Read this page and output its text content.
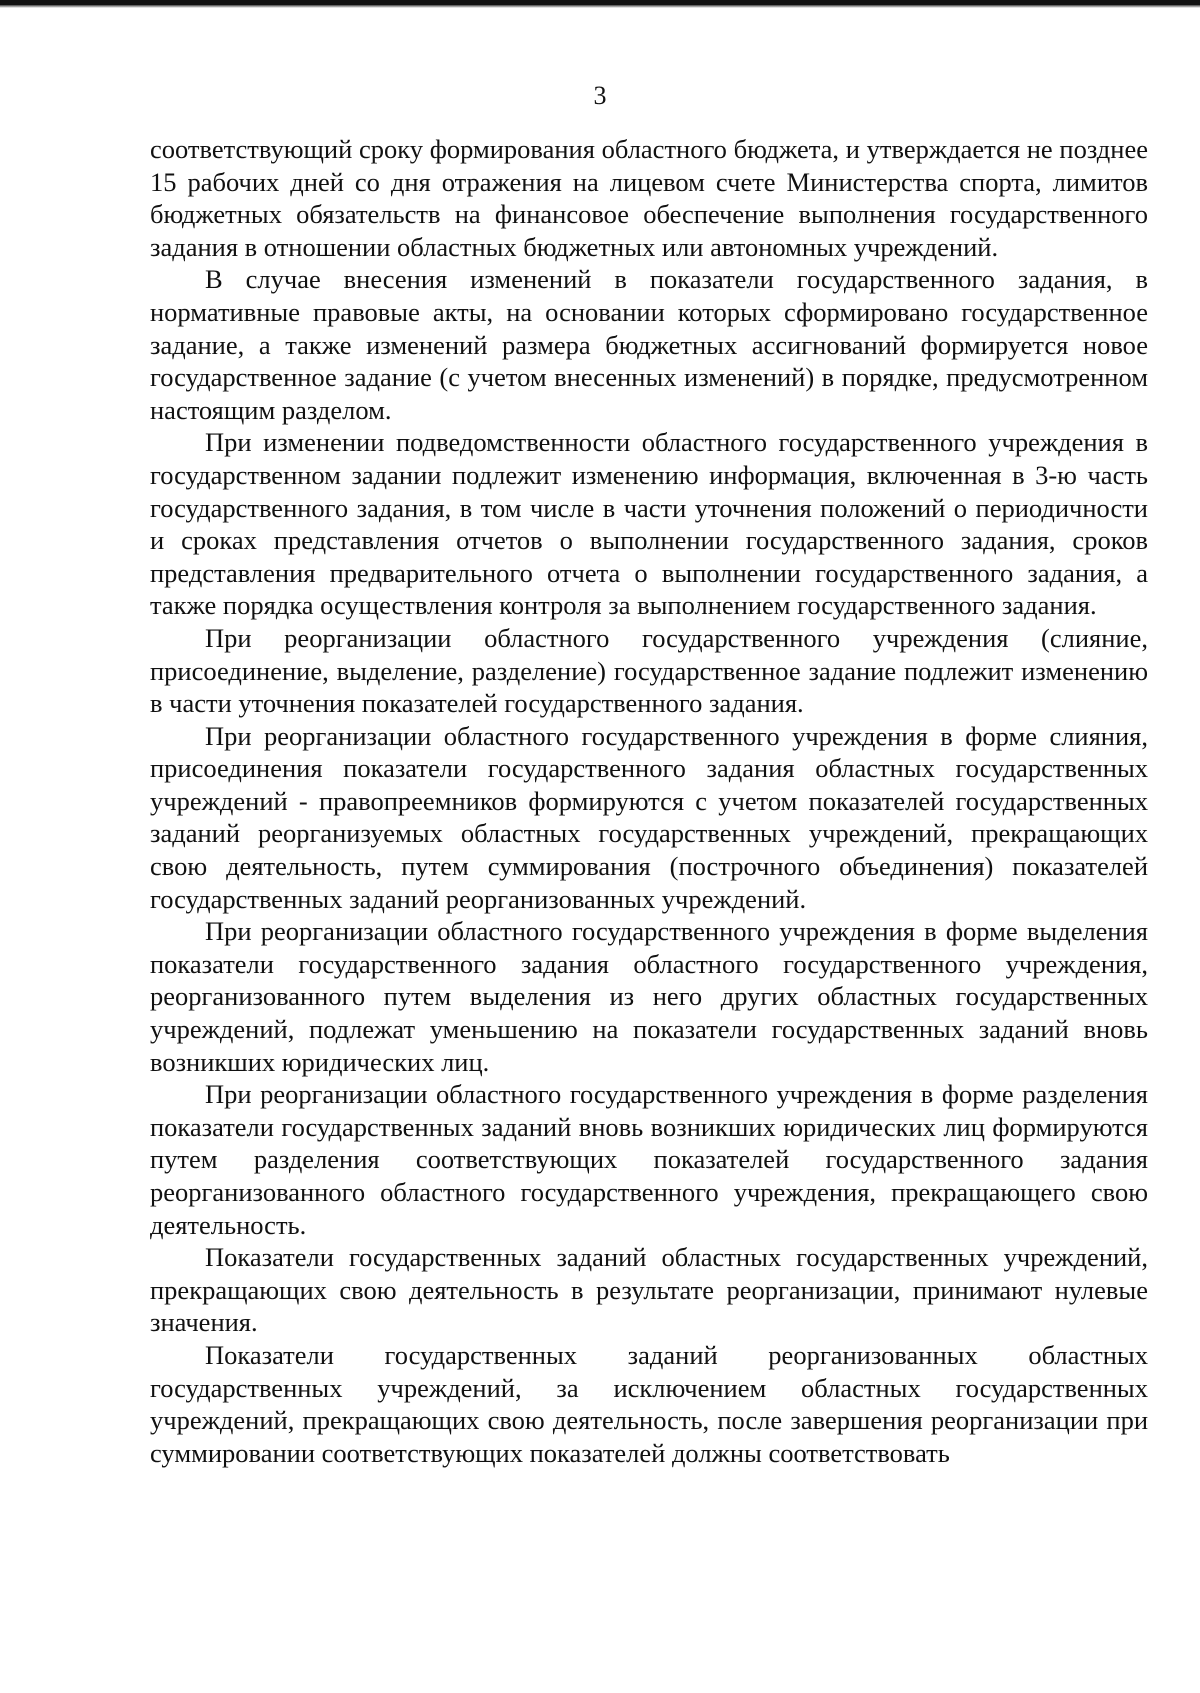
3

соответствующий сроку формирования областного бюджета, и утверждается не позднее 15 рабочих дней со дня отражения на лицевом счете Министерства спорта, лимитов бюджетных обязательств на финансовое обеспечение выполнения государственного задания в отношении областных бюджетных или автономных учреждений.

В случае внесения изменений в показатели государственного задания, в нормативные правовые акты, на основании которых сформировано государственное задание, а также изменений размера бюджетных ассигнований формируется новое государственное задание (с учетом внесенных изменений) в порядке, предусмотренном настоящим разделом.

При изменении подведомственности областного государственного учреждения в государственном задании подлежит изменению информация, включенная в 3-ю часть государственного задания, в том числе в части уточнения положений о периодичности и сроках представления отчетов о выполнении государственного задания, сроков представления предварительного отчета о выполнении государственного задания, а также порядка осуществления контроля за выполнением государственного задания.

При реорганизации областного государственного учреждения (слияние, присоединение, выделение, разделение) государственное задание подлежит изменению в части уточнения показателей государственного задания.

При реорганизации областного государственного учреждения в форме слияния, присоединения показатели государственного задания областных государственных учреждений - правопреемников формируются с учетом показателей государственных заданий реорганизуемых областных государственных учреждений, прекращающих свою деятельность, путем суммирования (построчного объединения) показателей государственных заданий реорганизованных учреждений.

При реорганизации областного государственного учреждения в форме выделения показатели государственного задания областного государственного учреждения, реорганизованного путем выделения из него других областных государственных учреждений, подлежат уменьшению на показатели государственных заданий вновь возникших юридических лиц.

При реорганизации областного государственного учреждения в форме разделения показатели государственных заданий вновь возникших юридических лиц формируются путем разделения соответствующих показателей государственного задания реорганизованного областного государственного учреждения, прекращающего свою деятельность.

Показатели государственных заданий областных государственных учреждений, прекращающих свою деятельность в результате реорганизации, принимают нулевые значения.

Показатели государственных заданий реорганизованных областных государственных учреждений, за исключением областных государственных учреждений, прекращающих свою деятельность, после завершения реорганизации при суммировании соответствующих показателей должны соответствовать
